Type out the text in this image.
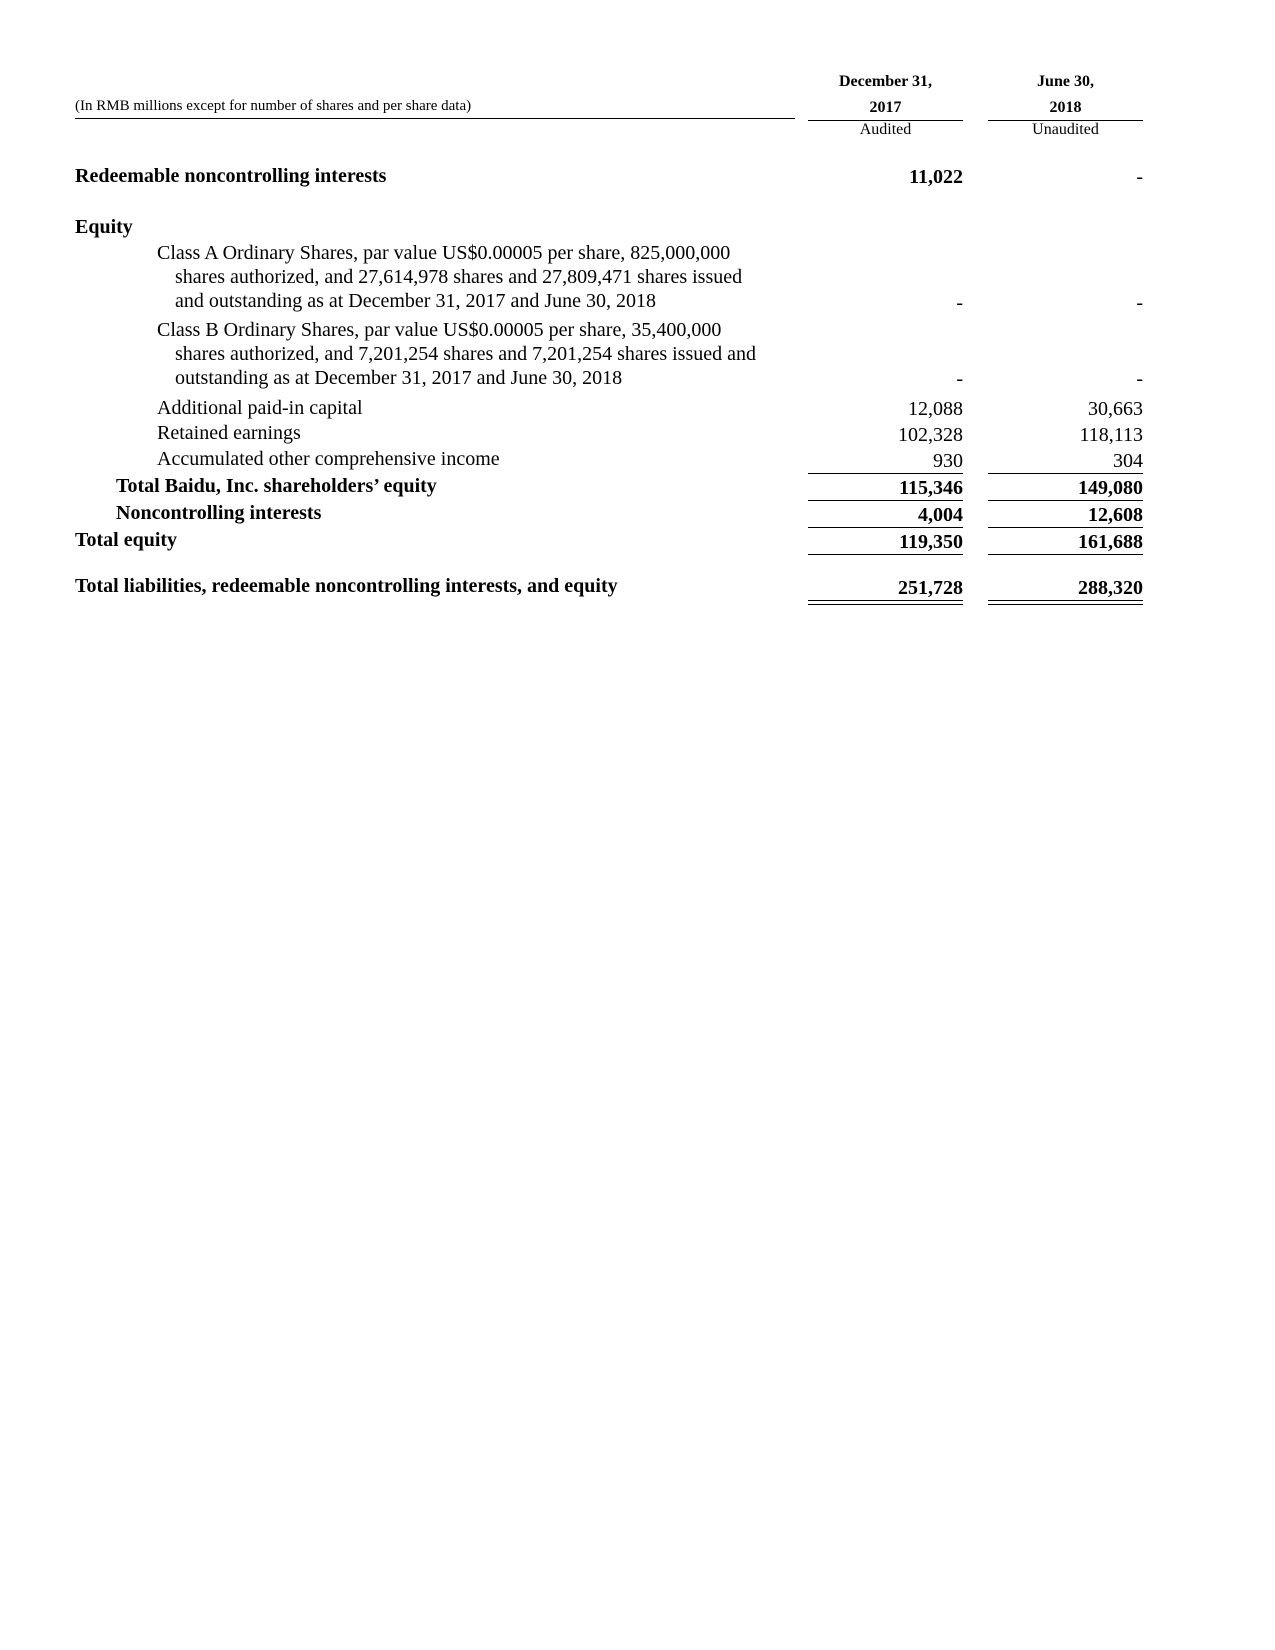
(In RMB millions except for number of shares and per share data)
December 31,
2017
Audited
June 30,
2018
Unaudited
Redeemable noncontrolling interests	11,022	-
Equity
Class A Ordinary Shares, par value US$0.00005 per share, 825,000,000
shares authorized, and 27,614,978 shares and 27,809,471 shares issued
and outstanding as at December 31, 2017 and June 30, 2018	-	-
Class B Ordinary Shares, par value US$0.00005 per share, 35,400,000
shares authorized, and 7,201,254 shares and 7,201,254 shares issued and
outstanding as at December 31, 2017 and June 30, 2018	-	-
Additional paid-in capital	12,088	30,663
Retained earnings	102,328	118,113
Accumulated other comprehensive income	930	304
Total Baidu, Inc. shareholders’ equity	115,346	149,080
Noncontrolling interests	4,004	12,608
Total equity	119,350	161,688
Total liabilities, redeemable noncontrolling interests, and equity	251,728	288,320
